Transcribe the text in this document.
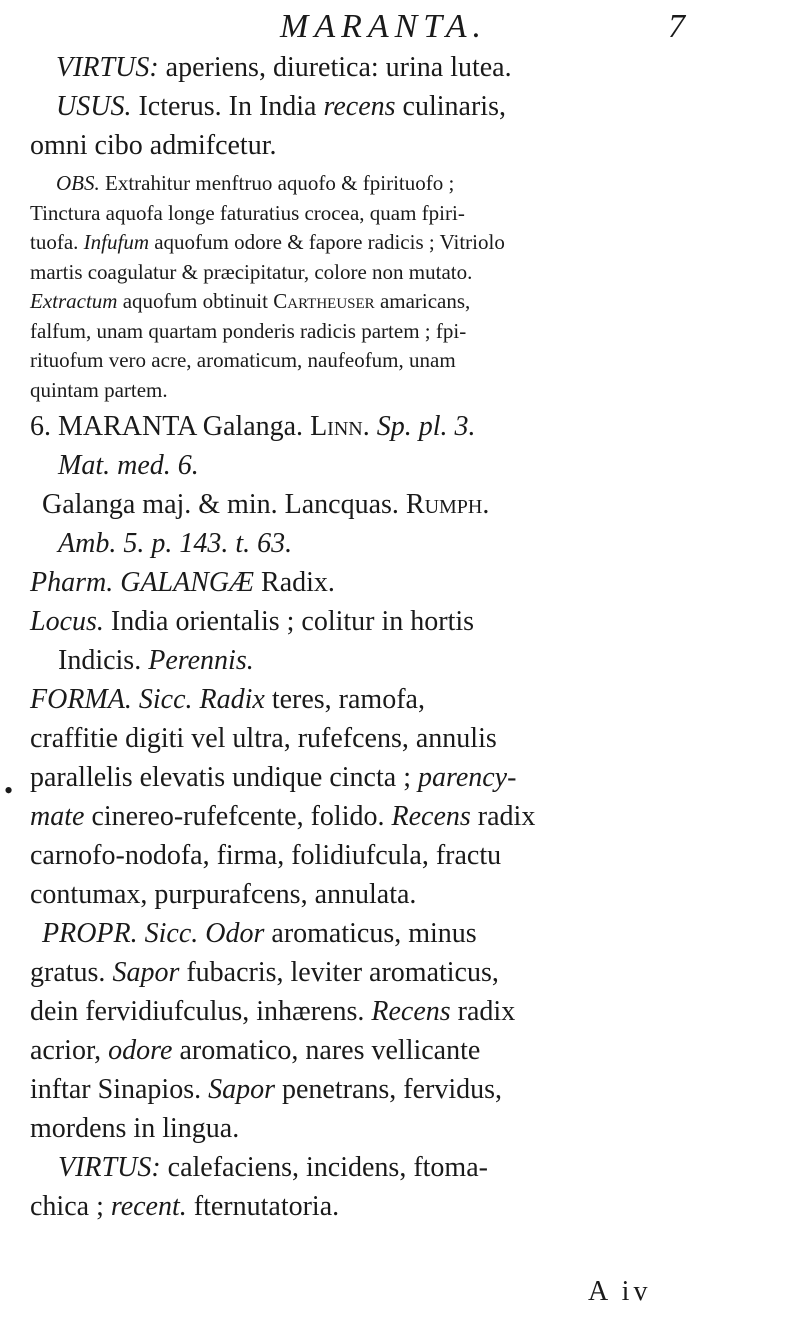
MARANTA.	7

VIRTUS: aperiens, diuretica: urina lutea.

USUS. Icterus. In India recens culinaris,
omni cibo admifcetur.

OBS. Extrahitur menftruo aquofo & fpirituofo ;
Tinctura aquofa longe faturatius crocea, quam fpiri-
tuofa. Infufum aquofum odore & fapore radicis ; Vitriolo
martis coagulatur & præcipitatur, colore non mutato.
Extractum aquofum obtinuit Cartheuser amaricans,
falfum, unam quartam ponderis radicis partem ; fpi-
rituofum vero acre, aromaticum, naufeofum, unam
quintam partem.

6. MARANTA Galanga. Linn. Sp. pl. 3.
Mat. med. 6.
Galanga maj. & min. Lancquas. Rumph.
Amb. 5. p. 143. t. 63.
Pharm. GALANGÆ Radix.
Locus. India orientalis ; colitur in hortis
Indicis. Perennis.

FORMA. Sicc. Radix teres, ramofa,
craffitie digiti vel ultra, rufefcens, annulis
parallelis elevatis undique cincta ; parency-
mate cinereo-rufefcente, folido. Recens radix
carnofo-nodofa, firma, folidiufcula, fractu
contumax, purpurafcens, annulata.

PROPR. Sicc. Odor aromaticus, minus
gratus. Sapor fubacris, leviter aromaticus,
dein fervidiufculus, inhærens. Recens radix
acrior, odore aromatico, nares vellicante
inftar Sinapios. Sapor penetrans, fervidus,
mordens in lingua.

VIRTUS: calefaciens, incidens, ftoma-
chica ; recent. fternutatoria.

•
A iv
